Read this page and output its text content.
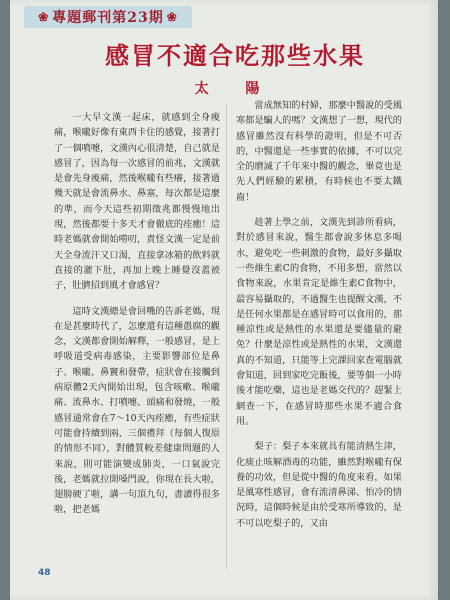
❀ 專題郵刊第23期 ❀
感冒不適合吃那些水果
太 陽

一大早文漢一起床，就感到全身痠痛，喉嚨好像有東西卡住的感覺，接著打了一個噴嚏，文漢內心很清楚，自己就是感冒了，因為每一次感冒的前兆，文漢就是會先身痠痛，然後喉嚨有些癢，接著過幾天就是會流鼻水、鼻塞，每次都是這麼的準，而今天這些初期徵兆都慢慢地出現，然後都要十多天才會徹底的痊癒！這時老媽就會開始嘮叨，責怪文漢一定是前天全身流汗又口渴，直接拿冰箱的飲料就直接的灌下肚，再加上晚上睡覺沒蓋被子，肚臍招到風才會感冒？

這時文漢總是會回嘴的告訴老媽，現在是甚麼時代了，怎麼還有這種愚腐的觀念，文漢都會開始解釋，一般感冒，是上呼吸道受病毒感染，主要影響部位是鼻子、喉嚨、鼻竇和發帶，症狀會在接觸到病原體2天內開始出現，包含咳嗽、喉嚨痛、流鼻水、打噴嚏、頭痛和發燒，一般感冒通常會在7～10天內痊癒，有些症狀可能會持續到兩、三個禮拜（每個人復原的情形不同），對體質較差健康問題的人來說，則可能演變成肺炎，一口氣說完後，老媽就拉開嗓門說，你現在長大啦，翅膀硬了啦，講一句頂九句，書讀得很多啦，把老媽

當成無知的村婦，那麼中醫說的受風寒都是騙人的嗎？文漢想了一想，現代的感冒雖然沒有科學的證明，但是不可否的，中醫還是一些事實的依據，不可以完全的磨滅了千年來中醫的觀念，畢竟也是先人們經驗的累積，有時候也不要太鐵齒！

趁著上學之前，文漢先到診所看病，對於感冒來說，醫生都會說多休息多喝水，避免吃一些刺激的食物，最好多攝取一些維生素C的食物，不用多想，當然以食物來說，水果肯定是維生素C食物中，最容易攝取的，不過醫生也提醒文漢，不是任何水果都是在感冒時可以食用的，那種涼性或是熱性的水果還是要儘量的避免？什麼是涼性或是熱性的水果，文漢還真的不知道，只能等上完課回家查電腦就會知道，回到家吃完飯後，要等個一小時後才能吃藥，這也是老媽交代的？趕緊上網查一下，在感冒時那些水果不適合食用。

梨子：梨子本來就具有能清熱生津，化痰止咳解酒毒的功能，雖然對喉嚨有保養的功效，但是從中醫的角度來看，如果是風寒性感冒，會有流清鼻涕、怕冷的情況時，這個時候是由於受寒所導致的，是不可以吃梨子的，又由

48
